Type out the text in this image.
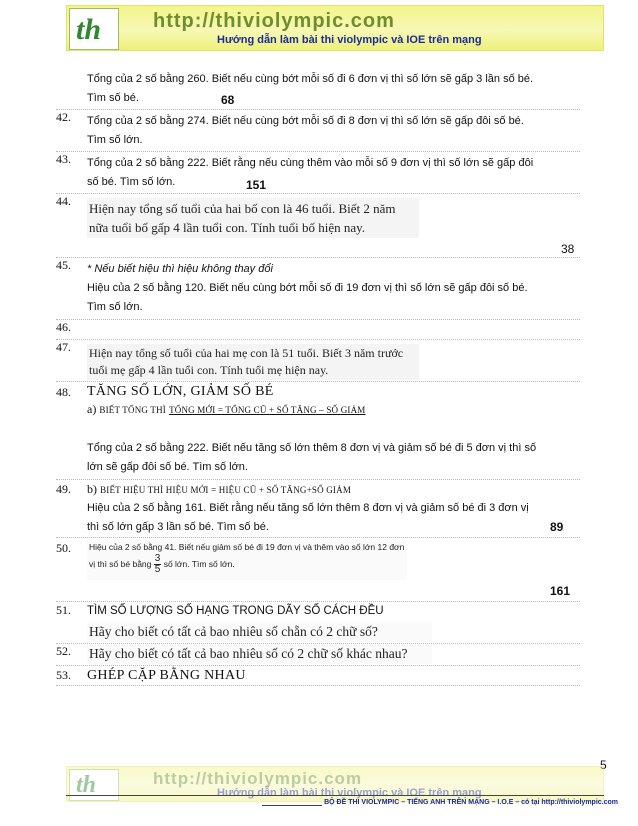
th	http://thiviolympic.com
Hướng dẫn làm bài thi violympic và IOE trên mạng
Tổng của 2 số bằng 260. Biết nếu cùng bớt mỗi số đi 6 đơn vị thì số lớn sẽ gấp 3 lần số bé.
Tìm số bé.	68
42.	Tổng của 2 số bằng 274. Biết nếu cùng bớt mỗi số đi 8 đơn vị thì số lớn sẽ gấp đôi số bé.
Tìm số lớn.
43.	Tổng của 2 số bằng 222. Biết rằng nếu cùng thêm vào mỗi số 9 đơn vị thì số lớn sẽ gấp đôi
số bé. Tìm số lớn.	151
44.	Hiện nay tổng số tuổi của hai bố con là 46 tuổi. Biết 2 năm
nữa tuổi bố gấp 4 lần tuổi con. Tính tuổi bố hiện nay.
38
45.	* Nếu biết hiệu thì hiệu không thay đổi
Hiệu của 2 số bằng 120. Biết nếu cùng bớt mỗi số đi 19 đơn vị thì số lớn sẽ gấp đôi số bé.
Tìm số lớn.
46.
47.	Hiện nay tổng số tuổi của hai mẹ con là 51 tuổi. Biết 3 năm trước
tuổi mẹ gấp 4 lần tuổi con. Tính tuổi mẹ hiện nay.
48.	TĂNG SỐ LỚN, GIẢM SỐ BÉ
a) BIẾT TỔNG THÌ TỔNG MỚI = TỔNG CŨ + SỐ TĂNG – SỐ GIẢM
Tổng của 2 số bằng 222. Biết nếu tăng số lớn thêm 8 đơn vị và giảm số bé đi 5 đơn vị thì số
lớn sẽ gấp đôi số bé. Tìm số lớn.
49.	b) BIẾT HIỆU THÌ HIỆU MỚI = HIỆU CŨ + SỐ TĂNG+SỐ GIẢM
Hiệu của 2 số bằng 161. Biết rằng nếu tăng số lớn thêm 8 đơn vị và giảm số bé đi 3 đơn vị
thì số lớn gấp 3 lần số bé. Tìm số bé.	89
50.	Hiệu của 2 số bằng 41. Biết nếu giảm số bé đi 19 đơn vị và thêm vào số lớn 12 đơn
vị thì số bé bằng $\frac{3}{5}$ số lớn. Tìm số lớn.
161
51.	TÌM SỐ LƯỢNG SỐ HẠNG TRONG DÃY SỐ CÁCH ĐỀU
Hãy cho biết có tất cả bao nhiêu số chẵn có 2 chữ số?
52.	Hãy cho biết có tất cả bao nhiêu số có 2 chữ số khác nhau?
53.	GHÉP CẶP BẰNG NHAU
5
th	http://thiviolympic.com
Hướng dẫn làm bài thi violympic và IOE trên mạng
BỘ ĐỀ THI VIOLYMPIC – TIẾNG ANH TRÊN MẠNG – I.O.E – có tại http://thiviolympic.com
